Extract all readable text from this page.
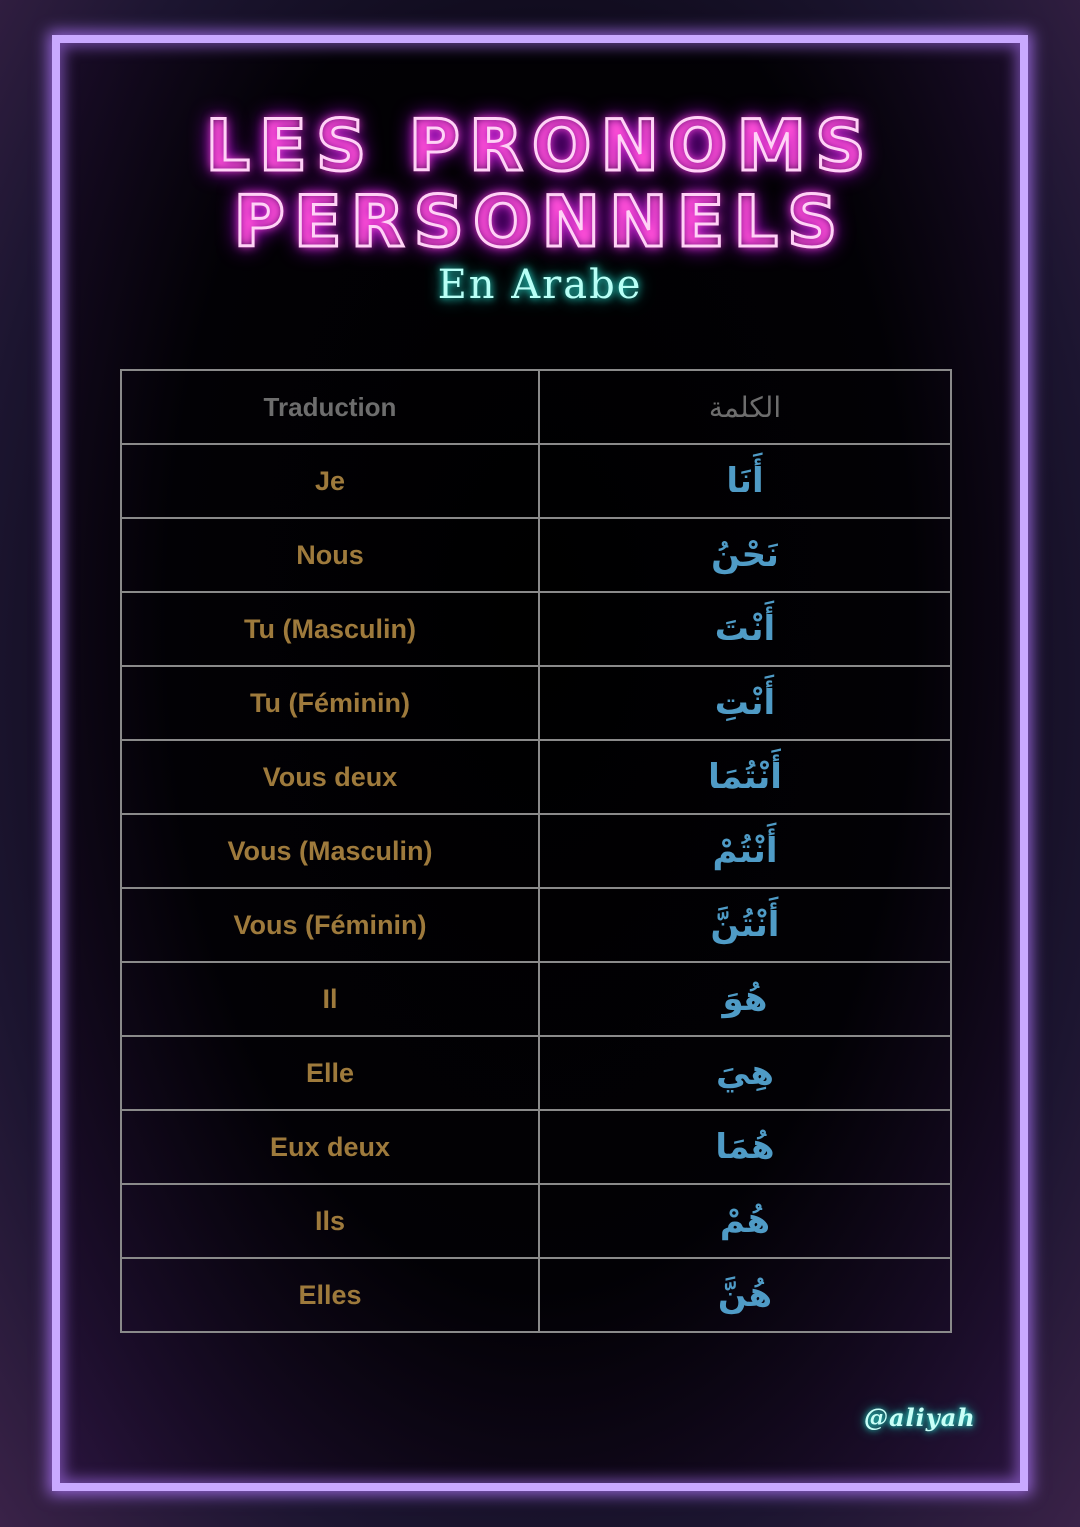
LES PRONOMS
PERSONNELS
En Arabe
Traduction	الكلمة
Je	أَنَا
Nous	نَحْنُ
Tu (Masculin)	أَنْتَ
Tu (Féminin)	أَنْتِ
Vous deux	أَنْتُمَا
Vous (Masculin)	أَنْتُمْ
Vous (Féminin)	أَنْتُنَّ
Il	هُوَ
Elle	هِيَ
Eux deux	هُمَا
Ils	هُمْ
Elles	هُنَّ
@aliyah
